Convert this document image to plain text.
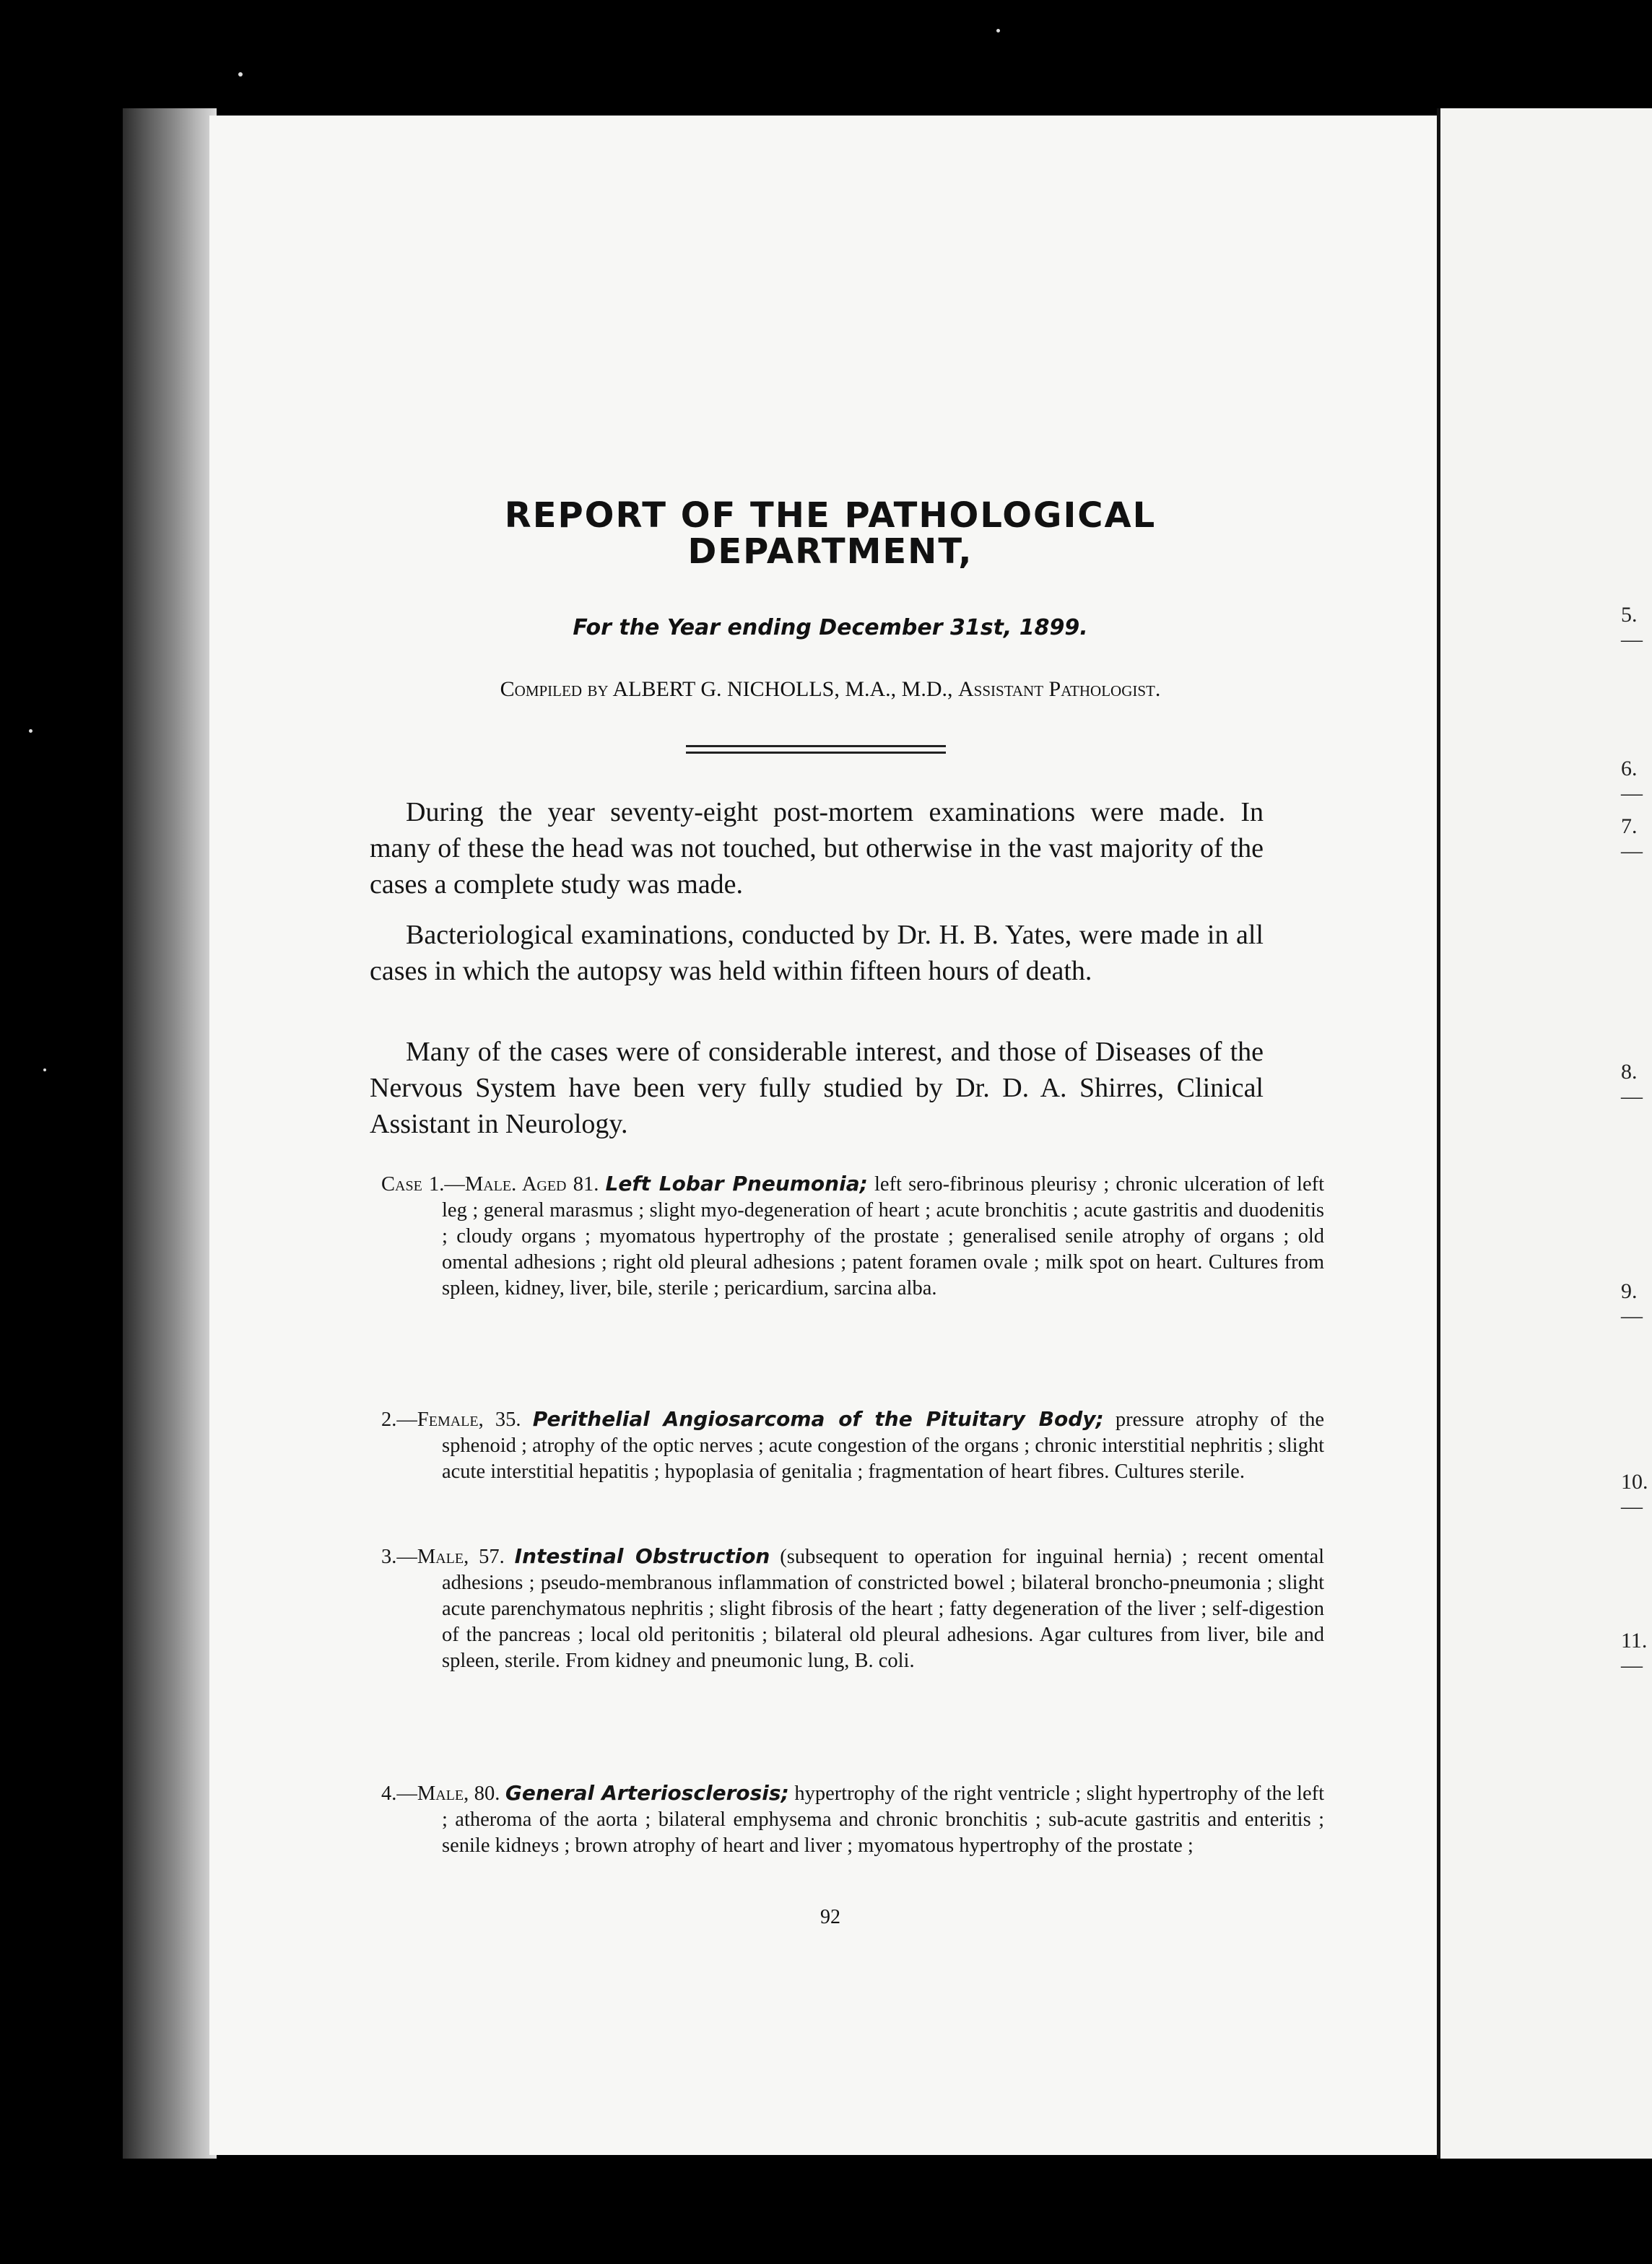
REPORT OF THE PATHOLOGICAL
DEPARTMENT,

For the Year ending December 31st, 1899.

Compiled by ALBERT G. NICHOLLS, M.A., M.D., Assistant Pathologist.

During the year seventy-eight post-mortem examinations were made. In many of these the head was not touched, but otherwise in the vast majority of the cases a complete study was made.

Bacteriological examinations, conducted by Dr. H. B. Yates, were made in all cases in which the autopsy was held within fifteen hours of death.

Many of the cases were of considerable interest, and those of Diseases of the Nervous System have been very fully studied by Dr. D. A. Shirres, Clinical Assistant in Neurology.

Case 1.—Male. Aged 81. Left Lobar Pneumonia; left sero-fibrinous pleurisy ; chronic ulceration of left leg ; general marasmus ; slight myo-degeneration of heart ; acute bronchitis ; acute gastritis and duodenitis ; cloudy organs ; myomatous hypertrophy of the prostate ; generalised senile atrophy of organs ; old omental adhesions ; right old pleural adhesions ; patent foramen ovale ; milk spot on heart. Cultures from spleen, kidney, liver, bile, sterile ; pericardium, sarcina alba.

2.—Female, 35. Perithelial Angiosarcoma of the Pituitary Body; pressure atrophy of the sphenoid ; atrophy of the optic nerves ; acute congestion of the organs ; chronic interstitial nephritis ; slight acute interstitial hepatitis ; hypoplasia of genitalia ; fragmentation of heart fibres. Cultures sterile.

3.—Male, 57. Intestinal Obstruction (subsequent to operation for inguinal hernia) ; recent omental adhesions ; pseudo-membranous inflammation of constricted bowel ; bilateral broncho-pneumonia ; slight acute parenchymatous nephritis ; slight fibrosis of the heart ; fatty degeneration of the liver ; self-digestion of the pancreas ; local old peritonitis ; bilateral old pleural adhesions. Agar cultures from liver, bile and spleen, sterile. From kidney and pneumonic lung, B. coli.

4.—Male, 80. General Arteriosclerosis; hypertrophy of the right ventricle ; slight hypertrophy of the left ; atheroma of the aorta ; bilateral emphysema and chronic bronchitis ; sub-acute gastritis and enteritis ; senile kidneys ; brown atrophy of heart and liver ; myomatous hypertrophy of the prostate ;

92

5.—
6.—
7.—
8.—
9.—
10.—
11.—
